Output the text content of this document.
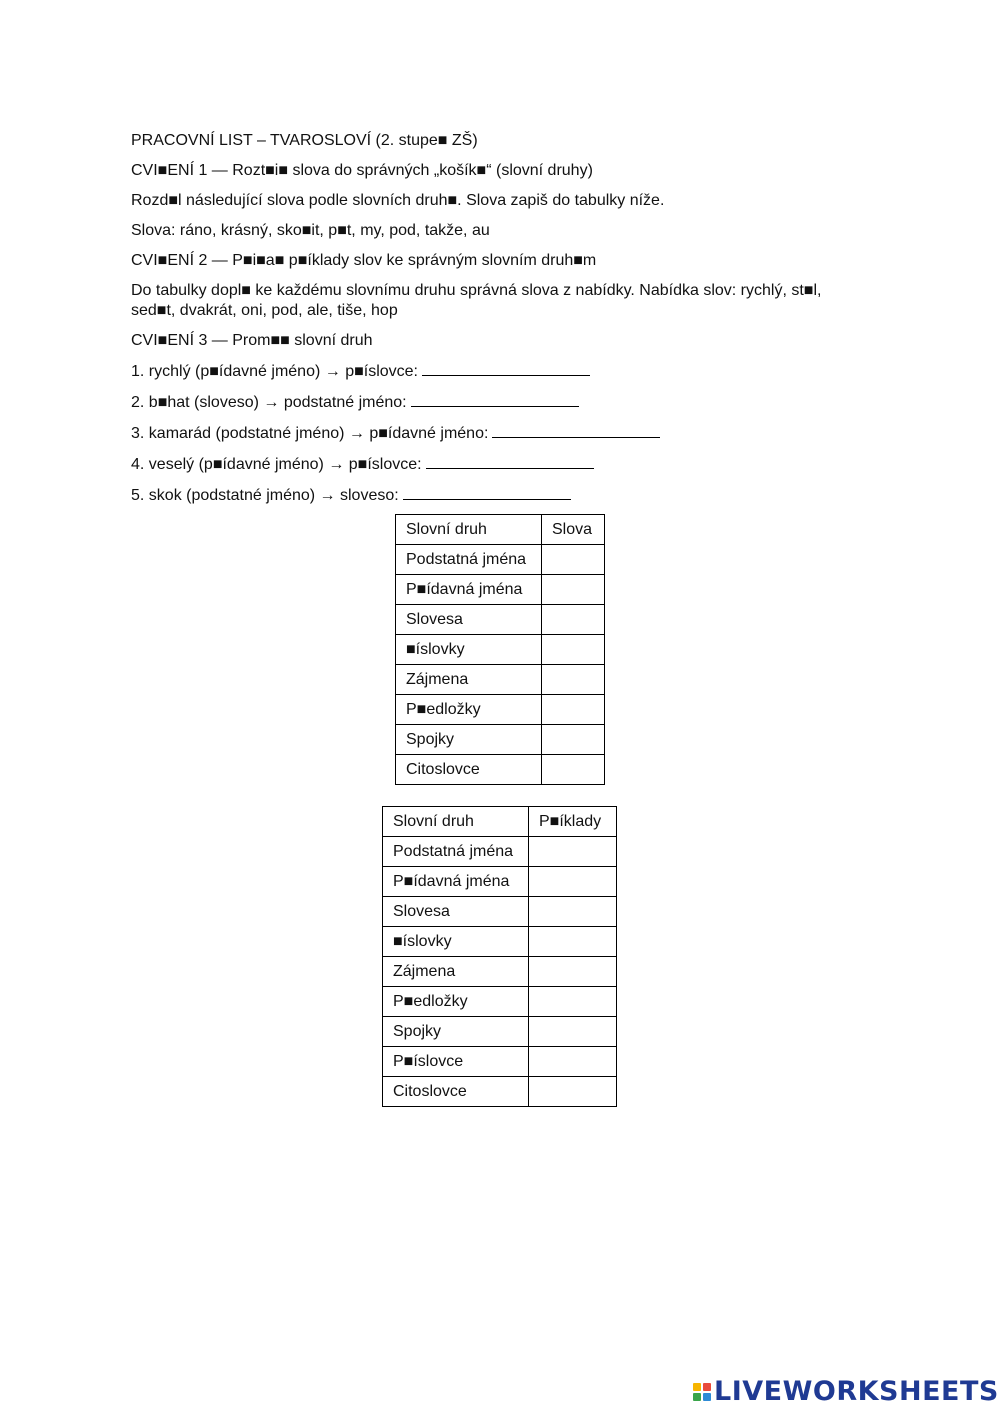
PRACOVNÍ LIST – TVAROSLOVÍ (2. stupe■ ZŠ)

CVI■ENÍ 1 — Rozt■i■ slova do správných „košík■“ (slovní druhy)

Rozd■l následující slova podle slovních druh■. Slova zapiš do tabulky níže.

Slova: ráno, krásný, sko■it, p■t, my, pod, takže, au

CVI■ENÍ 2 — P■i■a■ p■íklady slov ke správným slovním druh■m

Do tabulky dopl■ ke každému slovnímu druhu správná slova z nabídky. Nabídka slov: rychlý, st■l,
sed■t, dvakrát, oni, pod, ale, tiše, hop

CVI■ENÍ 3 — Prom■■ slovní druh

1. rychlý (p■ídavné jméno) → p■íslovce:

2. b■hat (sloveso) → podstatné jméno:

3. kamarád (podstatné jméno) → p■ídavné jméno:

4. veselý (p■ídavné jméno) → p■íslovce:

5. skok (podstatné jméno) → sloveso:

Slovní druh	Slova
Podstatná jména	
P■ídavná jména	
Slovesa	
■íslovky	
Zájmena	
P■edložky	
Spojky	
Citoslovce	
Slovní druh	P■íklady
Podstatná jména	
P■ídavná jména	
Slovesa	
■íslovky	
Zájmena	
P■edložky	
Spojky	
P■íslovce	
Citoslovce	
LIVEWORKSHEETS
